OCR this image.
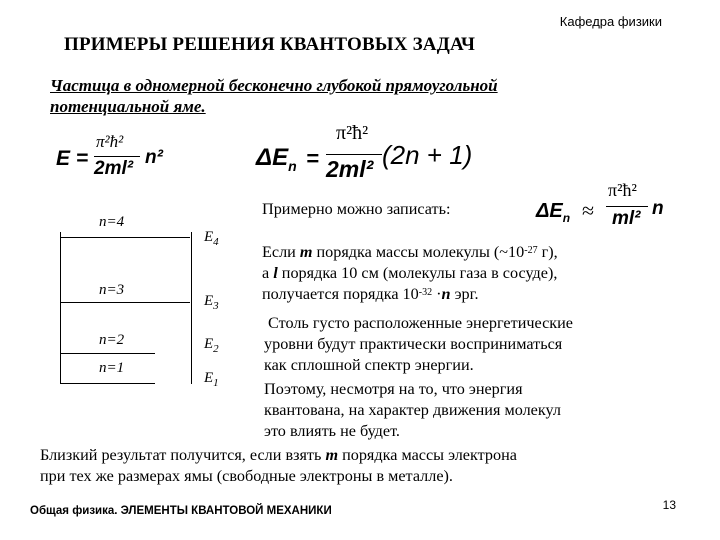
Кафедра физики
ПРИМЕРЫ РЕШЕНИЯ КВАНТОВЫХ ЗАДАЧ
Частица в одномерной бесконечно глубокой прямоугольной
потенциальной яме.
E =
π²ħ²
2ml²
n²	$\Delta E_n$ =
π²ħ²
2ml² (2n + 1)
Примерно можно записать:	$\Delta E_n$ ≈
π²ħ²
ml² n
n=4
n=3
n=2
n=1
$E_4$
$E_3$
$E_2$
$E_1$
Если m порядка массы молекулы ($\sim 10^{-27}$ г),
а l порядка 10 см (молекулы газа в сосуде),
получается порядка $10^{-32} \cdot n$ эрг.
Столь густо расположенные энергетические
уровни будут практически восприниматься
как сплошной спектр энергии.
Поэтому, несмотря на то, что энергия
квантована, на характер движения молекул
это влиять не будет.
Близкий результат получится, если взять m порядка массы электрона
при тех же размерах ямы (свободные электроны в металле).
Общая физика. ЭЛЕМЕНТЫ КВАНТОВОЙ МЕХАНИКИ	13
